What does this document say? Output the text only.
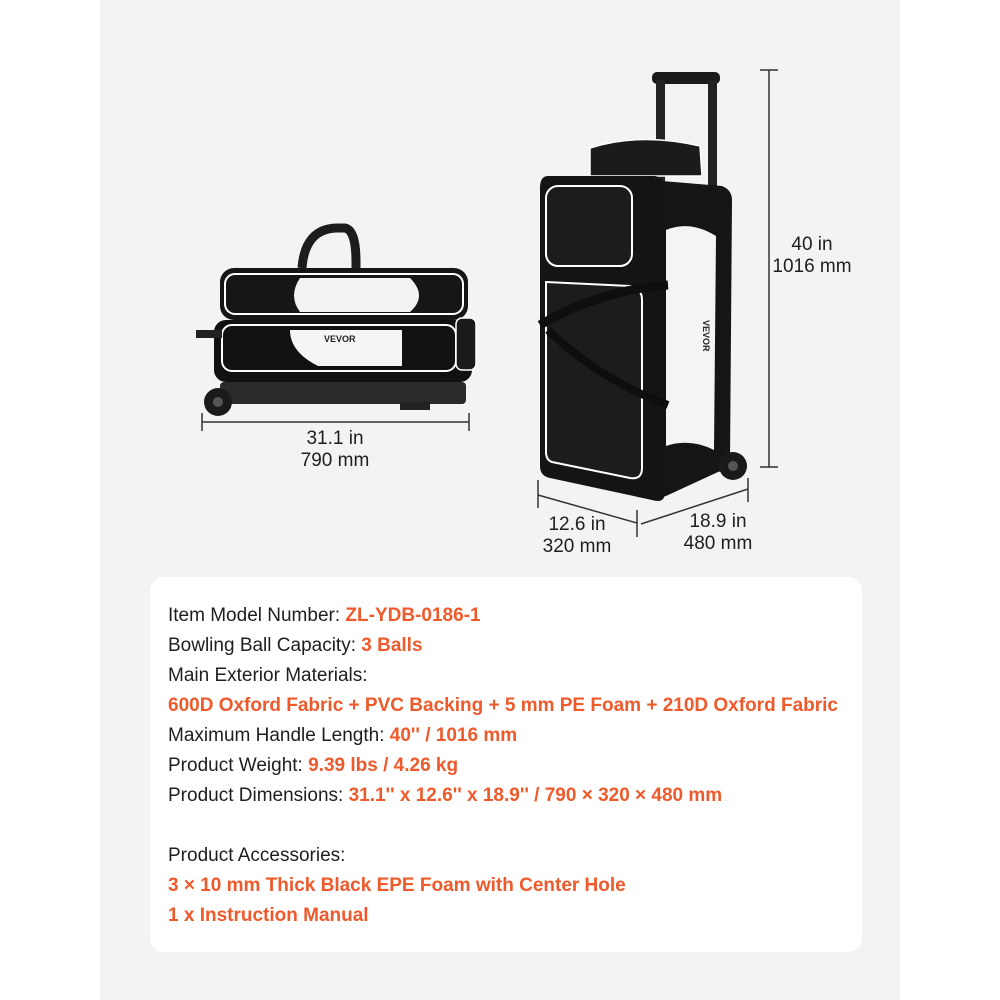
VEVOR	VEVOR
31.1 in
790 mm
40 in
1016 mm
12.6 in
320 mm
18.9 in
480 mm
Item Model Number: ZL-YDB-0186-1
Bowling Ball Capacity: 3 Balls
Main Exterior Materials:
600D Oxford Fabric + PVC Backing + 5 mm PE Foam + 210D Oxford Fabric
Maximum Handle Length: 40'' / 1016 mm
Product Weight: 9.39 lbs / 4.26 kg
Product Dimensions: 31.1'' x 12.6'' x 18.9'' / 790 × 320 × 480 mm
Product Accessories:
3 × 10 mm Thick Black EPE Foam with Center Hole
1 x Instruction Manual
